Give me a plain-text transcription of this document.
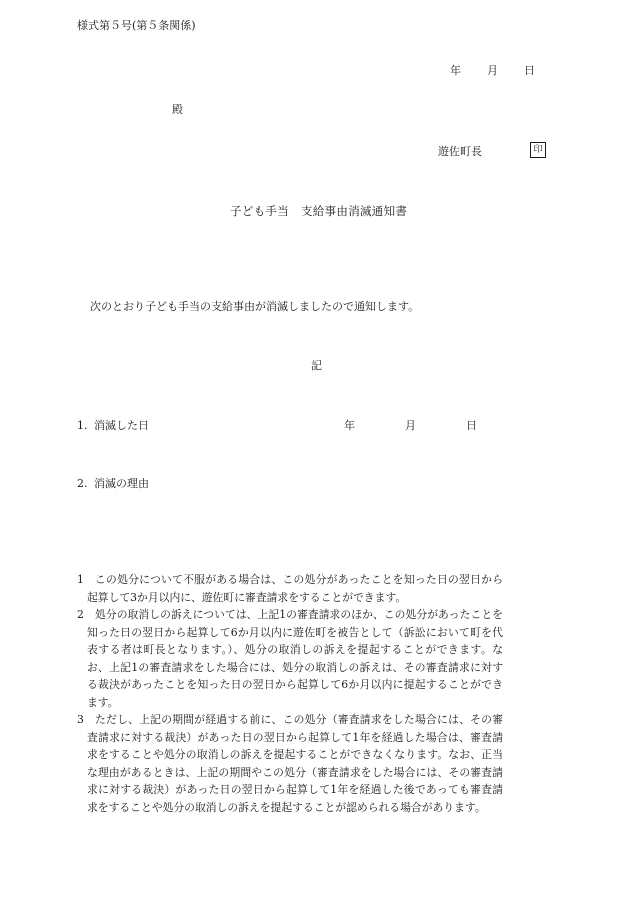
様式第５号(第５条関係)
年 月 日
殿
遊佐町長	印
子ども手当 支給事由消滅通知書
次のとおり子ども手当の支給事由が消滅しましたので通知します。
記
1. 消滅した日	年	月	日
2. 消滅の理由
1	この処分について不服がある場合は、この処分があったことを知った日の翌日から起算して3か月以内に、遊佐町に審査請求をすることができます。
2	処分の取消しの訴えについては、上記1の審査請求のほか、この処分があったことを知った日の翌日から起算して6か月以内に遊佐町を被告として（訴訟において町を代表する者は町長となります。）、処分の取消しの訴えを提起することができます。なお、上記1の審査請求をした場合には、処分の取消しの訴えは、その審査請求に対する裁決があったことを知った日の翌日から起算して6か月以内に提起することができます。
3	ただし、上記の期間が経過する前に、この処分（審査請求をした場合には、その審査請求に対する裁決）があった日の翌日から起算して1年を経過した場合は、審査請求をすることや処分の取消しの訴えを提起することができなくなります。なお、正当な理由があるときは、上記の期間やこの処分（審査請求をした場合には、その審査請求に対する裁決）があった日の翌日から起算して1年を経過した後であっても審査請求をすることや処分の取消しの訴えを提起することが認められる場合があります。
